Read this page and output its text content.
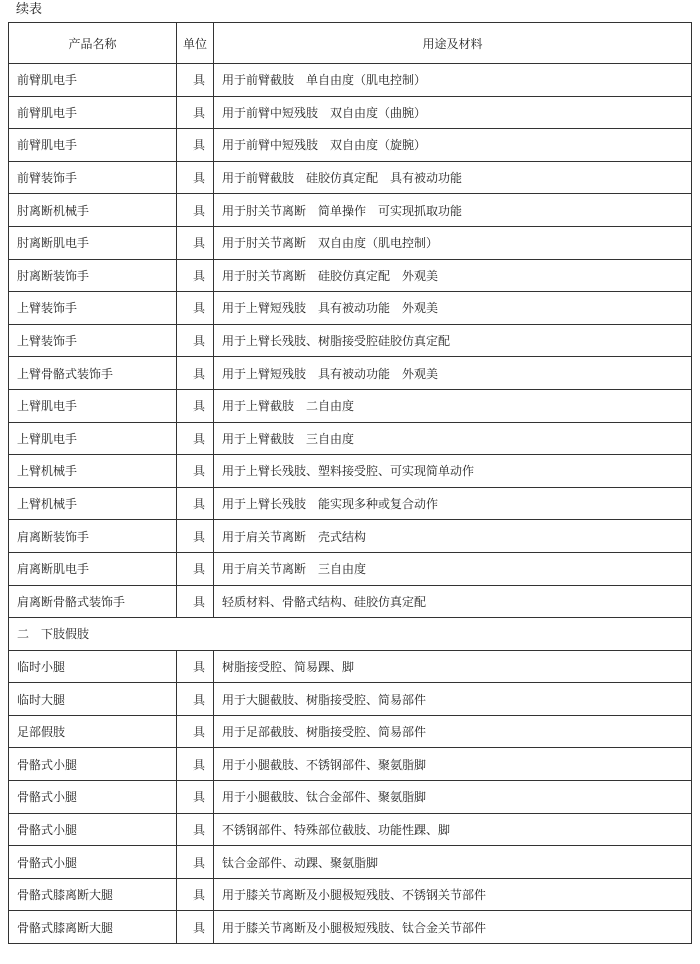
续表
产品名称	单位	用途及材料
前臂肌电手	具	用于前臂截肢　单自由度（肌电控制）
前臂肌电手	具	用于前臂中短残肢　双自由度（曲腕）
前臂肌电手	具	用于前臂中短残肢　双自由度（旋腕）
前臂装饰手	具	用于前臂截肢　硅胶仿真定配　具有被动功能
肘离断机械手	具	用于肘关节离断　简单操作　可实现抓取功能
肘离断肌电手	具	用于肘关节离断　双自由度（肌电控制）
肘离断装饰手	具	用于肘关节离断　硅胶仿真定配　外观美
上臂装饰手	具	用于上臂短残肢　具有被动功能　外观美
上臂装饰手	具	用于上臂长残肢、树脂接受腔硅胶仿真定配
上臂骨骼式装饰手	具	用于上臂短残肢　具有被动功能　外观美
上臂肌电手	具	用于上臂截肢　二自由度
上臂肌电手	具	用于上臂截肢　三自由度
上臂机械手	具	用于上臂长残肢、塑料接受腔、可实现简单动作
上臂机械手	具	用于上臂长残肢　能实现多种或复合动作
肩离断装饰手	具	用于肩关节离断　壳式结构
肩离断肌电手	具	用于肩关节离断　三自由度
肩离断骨骼式装饰手	具	轻质材料、骨骼式结构、硅胶仿真定配
二　下肢假肢		
临时小腿	具	树脂接受腔、简易踝、脚
临时大腿	具	用于大腿截肢、树脂接受腔、简易部件
足部假肢	具	用于足部截肢、树脂接受腔、简易部件
骨骼式小腿	具	用于小腿截肢、不锈钢部件、聚氨脂脚
骨骼式小腿	具	用于小腿截肢、钛合金部件、聚氨脂脚
骨骼式小腿	具	不锈钢部件、特殊部位截肢、功能性踝、脚
骨骼式小腿	具	钛合金部件、动踝、聚氨脂脚
骨骼式膝离断大腿	具	用于膝关节离断及小腿极短残肢、不锈钢关节部件
骨骼式膝离断大腿	具	用于膝关节离断及小腿极短残肢、钛合金关节部件
